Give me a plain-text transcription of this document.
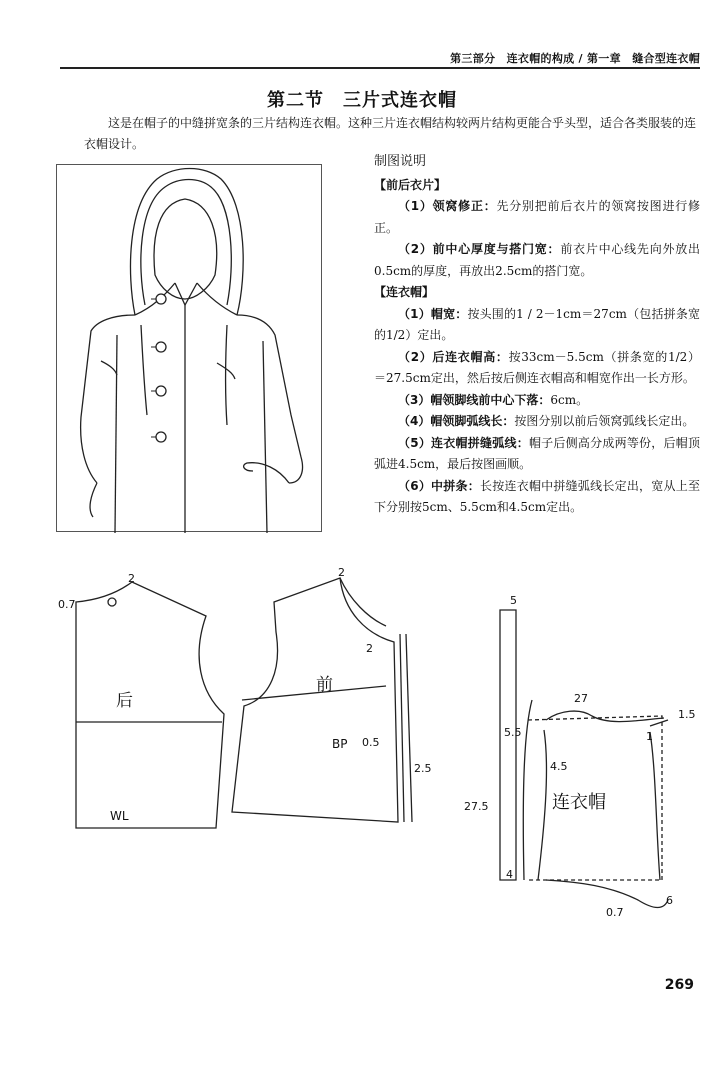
第三部分　连衣帽的构成 / 第一章　缝合型连衣帽
第二节　三片式连衣帽
这是在帽子的中缝拼宽条的三片结构连衣帽。这种三片连衣帽结构较两片结构更能合乎头型，适合各类服装的连衣帽设计。
制图说明
【前后衣片】
（1）领窝修正：先分别把前后衣片的领窝按图进行修正。
（2）前中心厚度与搭门宽：前衣片中心线先向外放出0.5cm的厚度，再放出2.5cm的搭门宽。
【连衣帽】
（1）帽宽：按头围的1 / 2－1cm＝27cm（包括拼条宽的1/2）定出。
（2）后连衣帽高：按33cm－5.5cm（拼条宽的1/2）＝27.5cm定出，然后按后侧连衣帽高和帽宽作出一长方形。
（3）帽领脚线前中心下落：6cm。
（4）帽领脚弧线长：按图分别以前后领窝弧线长定出。
（5）连衣帽拼缝弧线：帽子后侧高分成两等份，后帽顶弧进4.5cm，最后按图画顺。
（6）中拼条：长按连衣帽中拼缝弧线长定出，宽从上至下分别按5cm、5.5cm和4.5cm定出。
0.7
2	2
2
0.5
2.5
5
27
1.5
1
5.5
4.5
27.5
4
6
0.7
BP
WL
后
前
连衣帽
269
